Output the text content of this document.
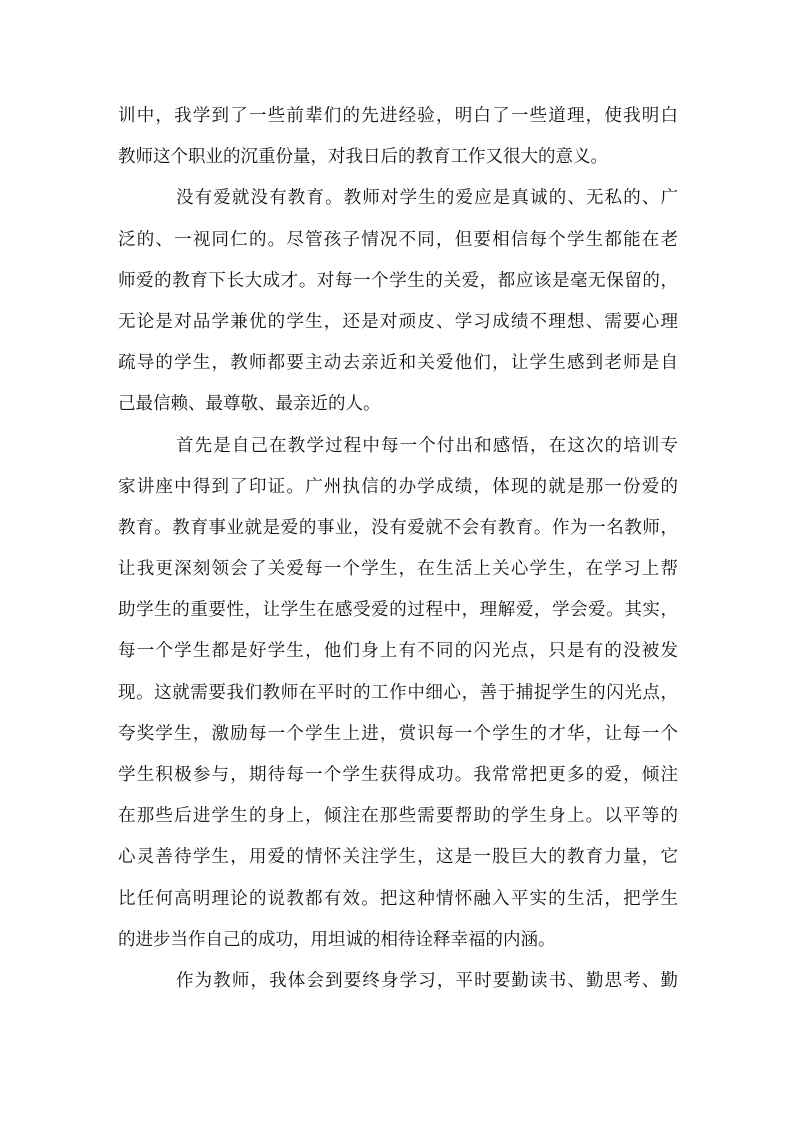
训中，我学到了一些前辈们的先进经验，明白了一些道理，使我明白
教师这个职业的沉重份量，对我日后的教育工作又很大的意义。
没有爱就没有教育。教师对学生的爱应是真诚的、无私的、广
泛的、一视同仁的。尽管孩子情况不同，但要相信每个学生都能在老
师爱的教育下长大成才。对每一个学生的关爱，都应该是毫无保留的，
无论是对品学兼优的学生，还是对顽皮、学习成绩不理想、需要心理
疏导的学生，教师都要主动去亲近和关爱他们，让学生感到老师是自
己最信赖、最尊敬、最亲近的人。
首先是自己在教学过程中每一个付出和感悟，在这次的培训专
家讲座中得到了印证。广州执信的办学成绩，体现的就是那一份爱的
教育。教育事业就是爱的事业，没有爱就不会有教育。作为一名教师，
让我更深刻领会了关爱每一个学生，在生活上关心学生，在学习上帮
助学生的重要性，让学生在感受爱的过程中，理解爱，学会爱。其实，
每一个学生都是好学生，他们身上有不同的闪光点，只是有的没被发
现。这就需要我们教师在平时的工作中细心，善于捕捉学生的闪光点，
夸奖学生，激励每一个学生上进，赏识每一个学生的才华，让每一个
学生积极参与，期待每一个学生获得成功。我常常把更多的爱，倾注
在那些后进学生的身上，倾注在那些需要帮助的学生身上。以平等的
心灵善待学生，用爱的情怀关注学生，这是一股巨大的教育力量，它
比任何高明理论的说教都有效。把这种情怀融入平实的生活，把学生
的进步当作自己的成功，用坦诚的相待诠释幸福的内涵。
作为教师，我体会到要终身学习，平时要勤读书、勤思考、勤
